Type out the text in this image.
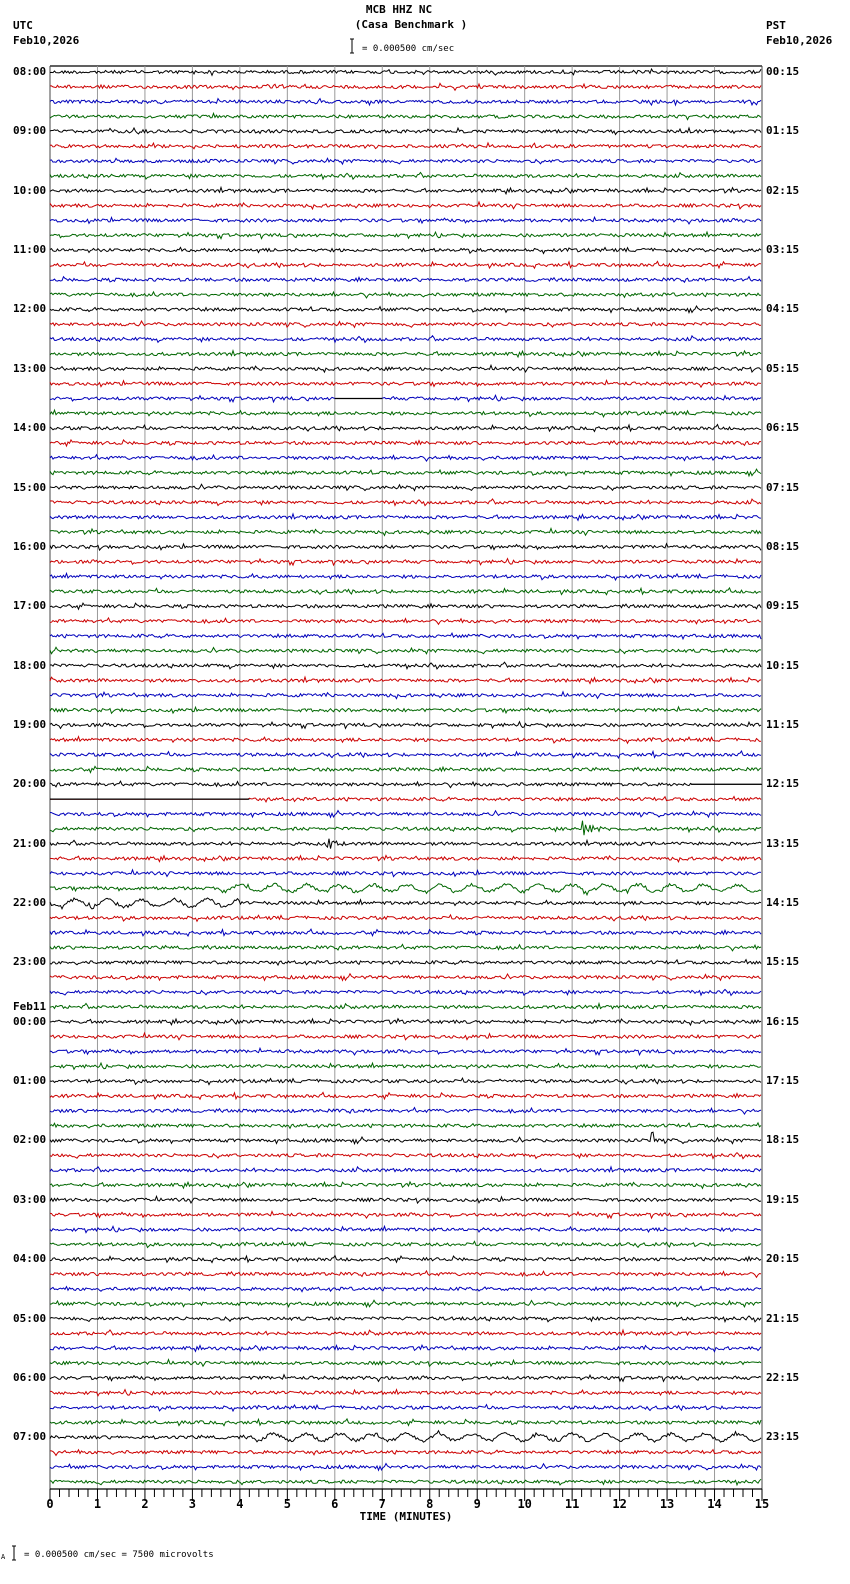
0	1	2	3	4	5	6	7	8	9	10	11	12	13	14	15
MCB HHZ NC
(Casa Benchmark )
UTC
Feb10,2026
PST
Feb10,2026
= 0.000500 cm/sec
TIME (MINUTES)
A = 0.000500 cm/sec = 7500 microvolts
08:00
09:00
10:00
11:00
12:00
13:00
14:00
15:00
16:00
17:00
18:00
19:00
20:00
21:00
22:00
23:00
00:00
Feb11
01:00
02:00
03:00
04:00
05:00
06:00
07:00
00:15
01:15
02:15
03:15
04:15
05:15
06:15
07:15
08:15
09:15
10:15
11:15
12:15
13:15
14:15
15:15
16:15
17:15
18:15
19:15
20:15
21:15
22:15
23:15
